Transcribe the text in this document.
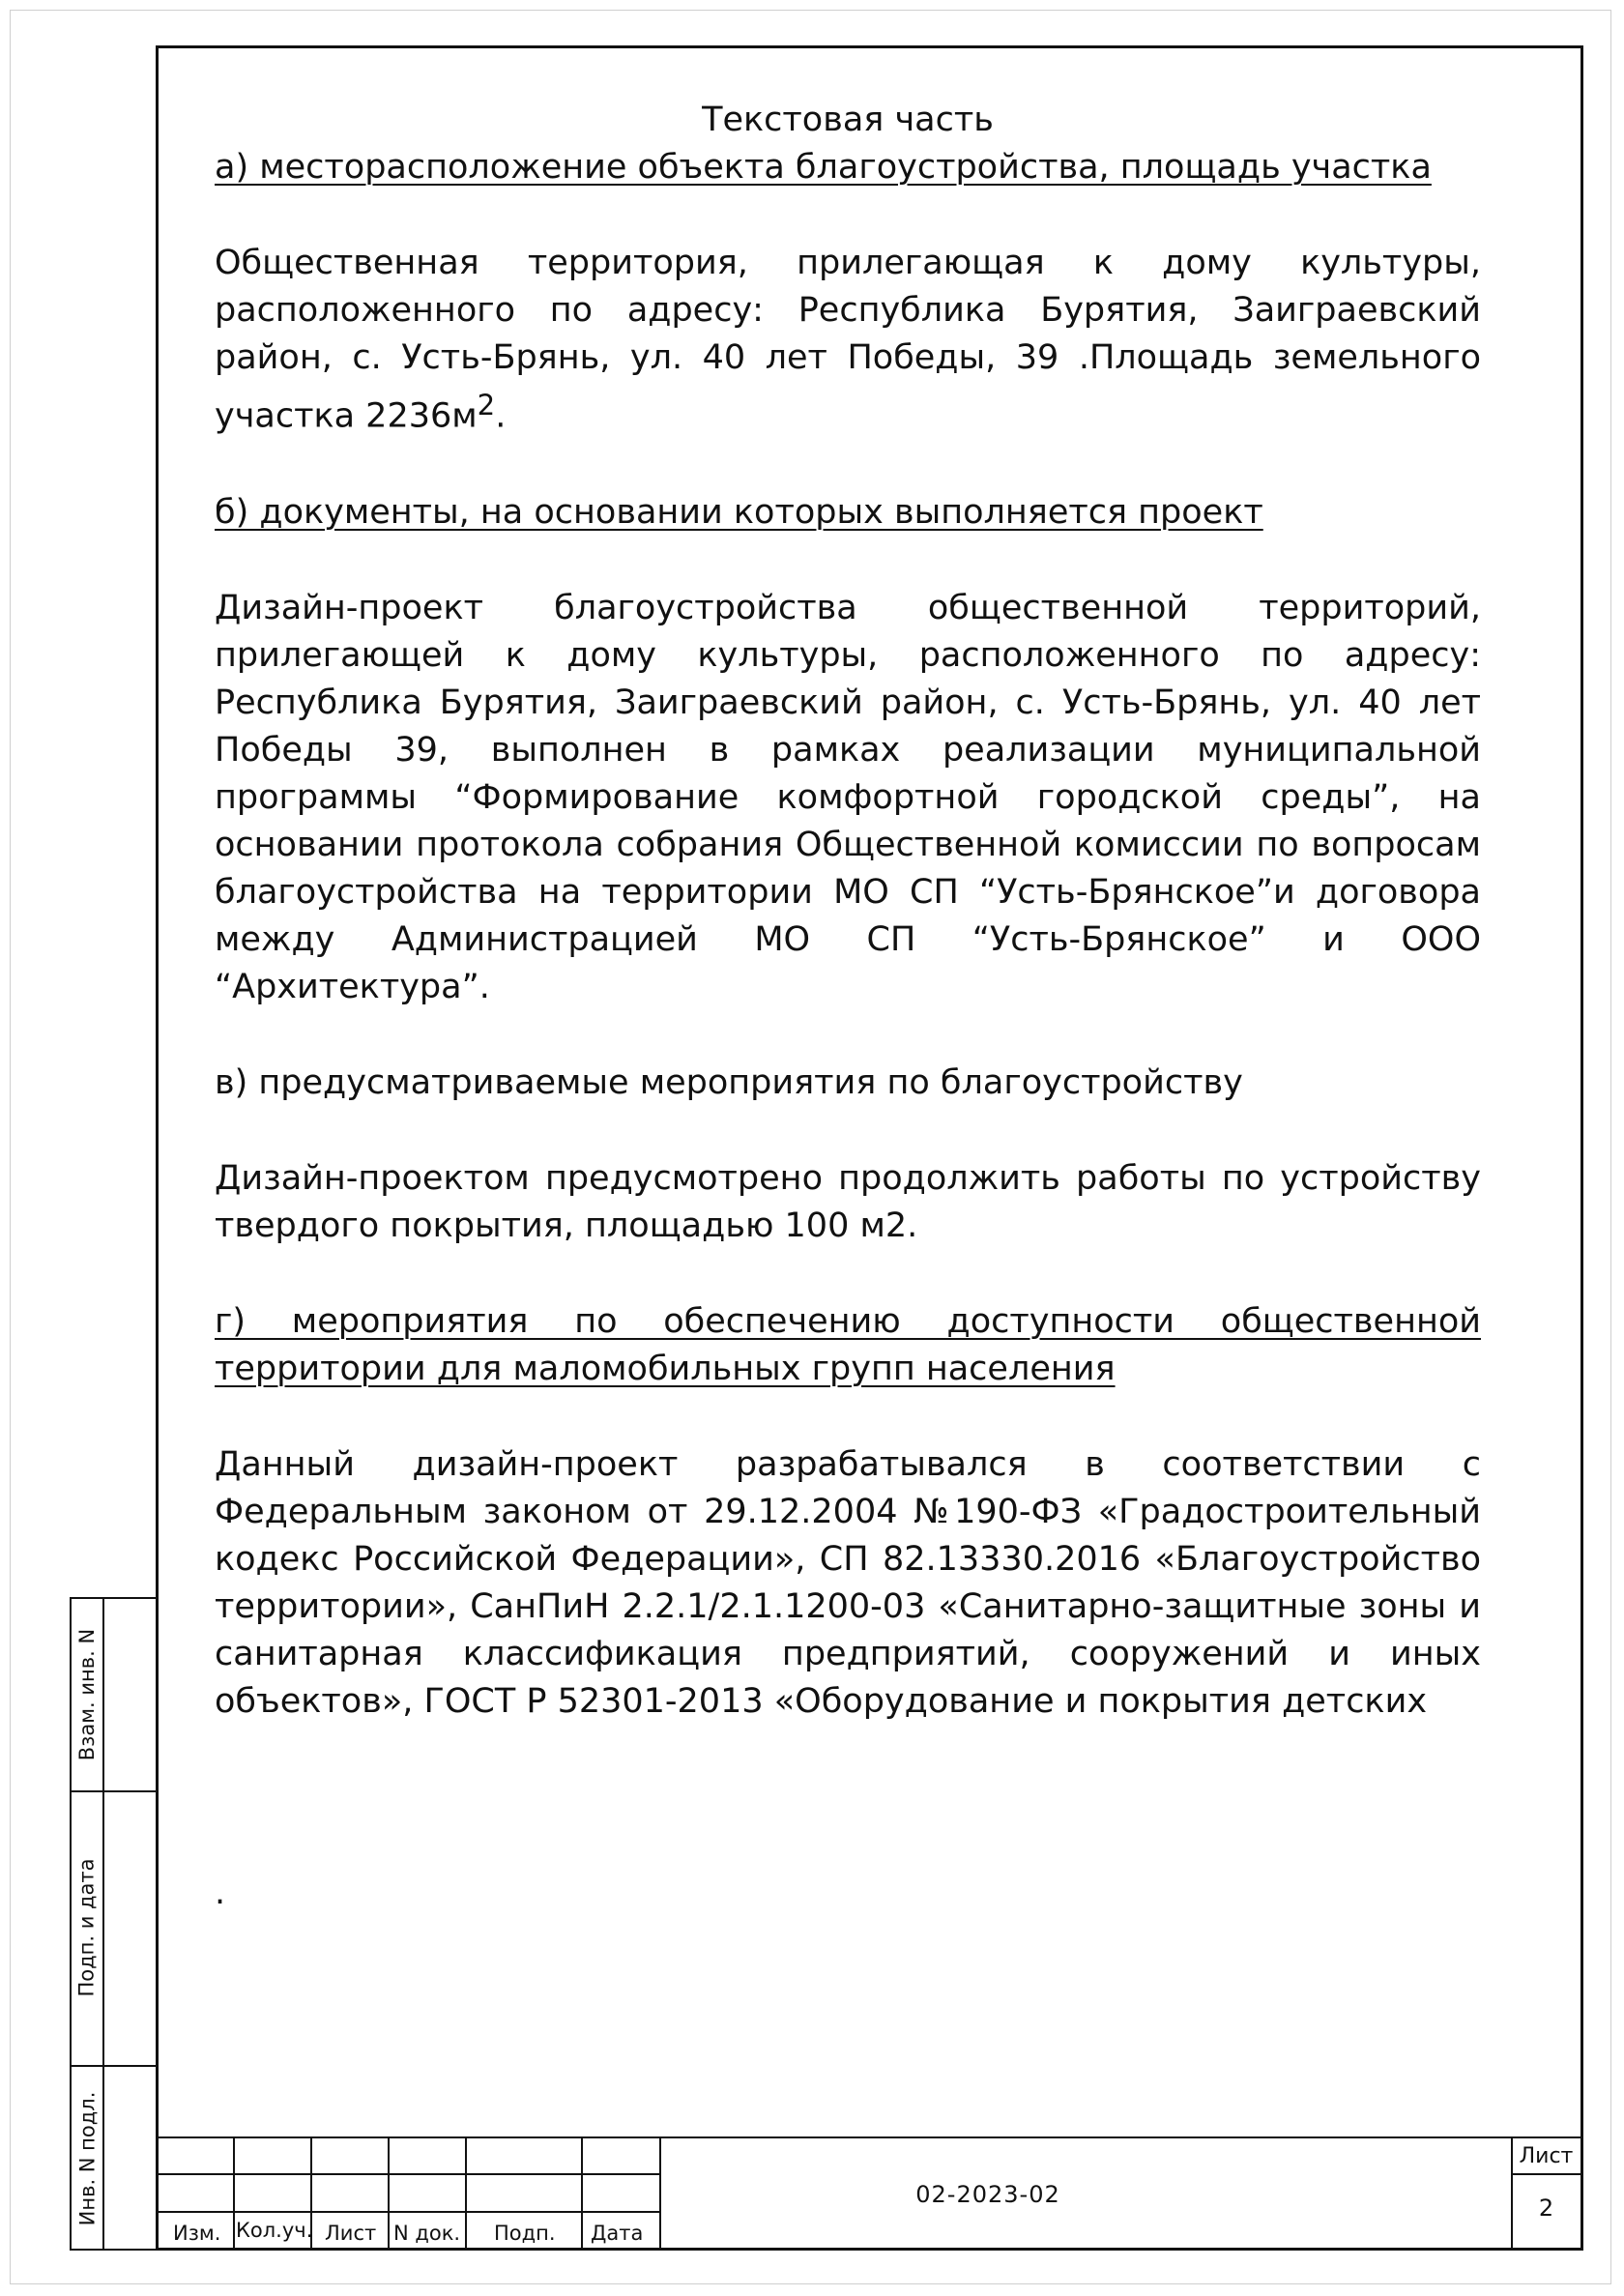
Текстовая часть
а) месторасположение объекта благоустройства, площадь участка

Общественная территория, прилегающая к дому культуры, расположенного по адресу: Республика Бурятия, Заиграевский район, с. Усть-Брянь, ул. 40 лет Победы, 39 .Площадь земельного участка $2236м^2$.

б) документы, на основании которых выполняется проект

Дизайн-проект благоустройства общественной территорий, прилегающей к дому культуры, расположенного по адресу: Республика Бурятия, Заиграевский район, с. Усть-Брянь, ул. 40 лет Победы 39, выполнен в рамках реализации муниципальной программы “Формирование комфортной городской среды”, на основании протокола собрания Общественной комиссии по вопросам благоустройства на территории МО СП “Усть-Брянское”и договора между Администрацией МО СП “Усть-Брянское” и ООО “Архитектура”.

в) предусматриваемые мероприятия по благоустройству

Дизайн-проектом предусмотрено продолжить работы по устройству твердого покрытия, площадью 100 м2.

г) мероприятия по обеспечению доступности общественной территории для маломобильных групп населения

Данный дизайн-проект разрабатывался в соответствии с Федеральным законом от 29.12.2004 №190-ФЗ «Градостроительный кодекс Российской Федерации», СП 82.13330.2016 «Благоустройство территории», СанПиН 2.2.1/2.1.1200-03 «Санитарно-защитные зоны и санитарная классификация предприятий, сооружений и иных объектов», ГОСТ Р 52301-2013 «Оборудование и покрытия детских

.
Взам. инв. N
Подп. и дата
Инв. N подл.
Изм. Кол.уч. Лист N док. Подп. Дата
02-2023-02
Лист
2
